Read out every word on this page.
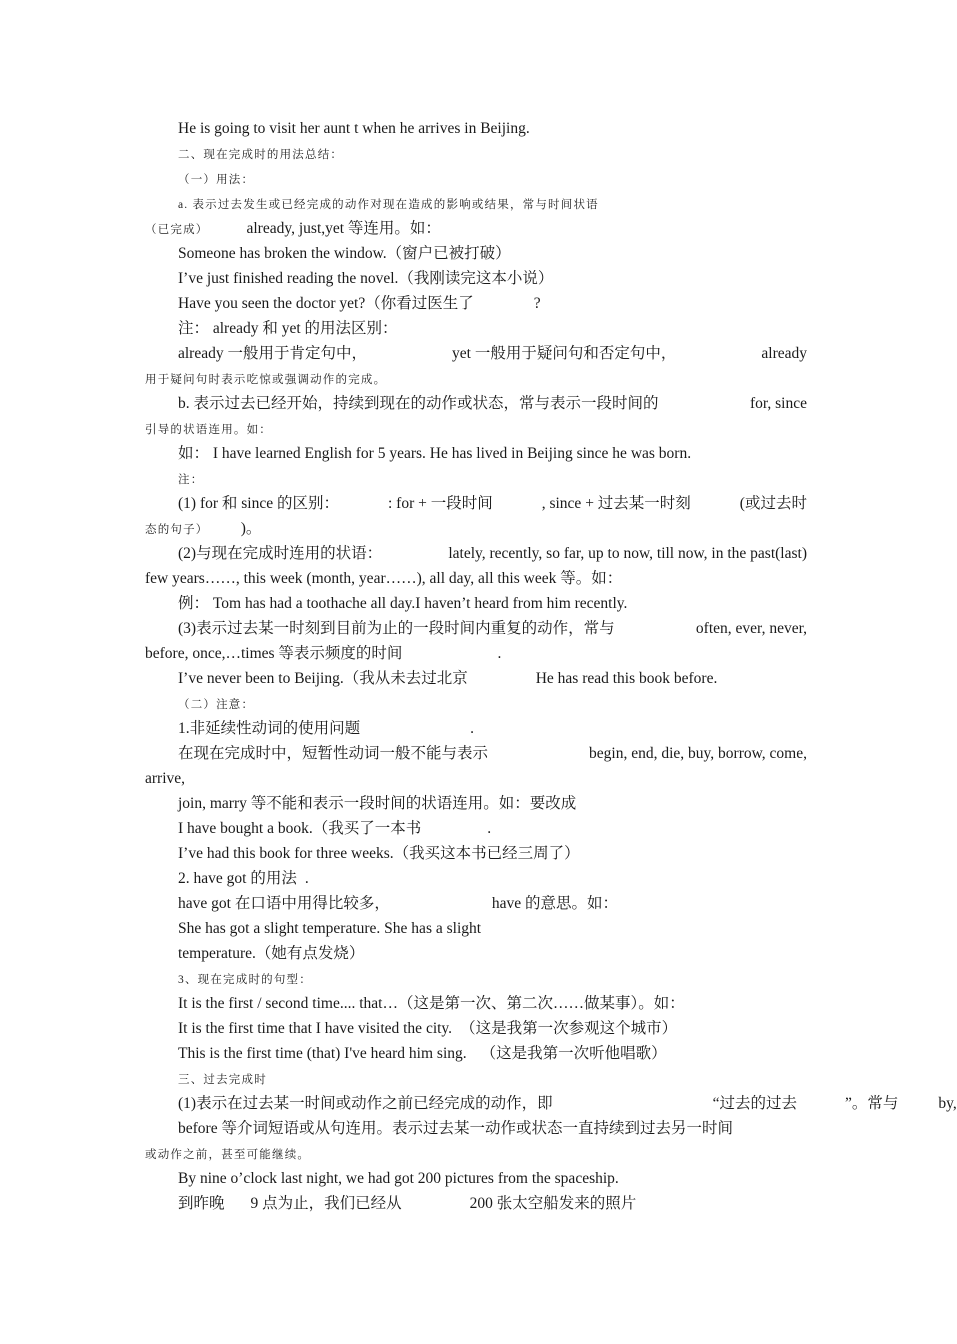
He is going to visit her aunt t when he arrives in Beijing.
二、现在完成时的用法总结：
（一）用法：
a. 表示过去发生或已经完成的动作对现在造成的影响或结果，常与时间状语
（已完成） already, just,yet 等连用。如：
Someone has broken the window.（窗户已被打破）
I’ve just finished reading the novel.（我刚读完这本小说）
Have you seen the doctor yet?（你看过医生了	?
注： already 和 yet 的用法区别：
already 一般用于肯定句中，	yet 一般用于疑问句和否定句中，	already
用于疑问句时表示吃惊或强调动作的完成。
b. 表示过去已经开始，持续到现在的动作或状态，常与表示一段时间的	for, since
引导的状语连用。如：
如： I have learned English for 5 years. He has lived in Beijing since he was born.
注：
(1) for 和 since 的区别：	: for + 一段时间	, since + 过去某一时刻	(或过去时
态的句子） )。
(2)与现在完成时连用的状语：	lately, recently, so far, up to now, till now, in the past(last)
few years……, this week (month, year……), all day, all this week 等。如：
例： Tom has had a toothache all day.I haven’t heard from him recently.
(3)表示过去某一时刻到目前为止的一段时间内重复的动作，常与	often, ever, never,
before, once,…times 等表示频度的时间	.
I’ve never been to Beijing.（我从未去过北京	He has read this book before.
（二）注意：
1.非延续性动词的使用问题	.
在现在完成时中，短暂性动词一般不能与表示	begin, end, die, buy, borrow, come,
arrive,
join, marry 等不能和表示一段时间的状语连用。如：要改成
I have bought a book.（我买了一本书	.
I’ve had this book for three weeks.（我买这本书已经三周了）
2. have got 的用法 .
have got 在口语中用得比较多，	have 的意思。如：
She has got a slight temperature. She has a slight
temperature.（她有点发烧）
3、现在完成时的句型：
It is the first / second time.... that…（这是第一次、第二次……做某事）。如：
It is the first time that I have visited the city. （这是我第一次参观这个城市）
This is the first time (that) I've heard him sing. （这是我第一次听他唱歌）
三、过去完成时
(1)表示在过去某一时间或动作之前已经完成的动作，即	“过去的过去	”。常与	by,
before 等介词短语或从句连用。表示过去某一动作或状态一直持续到过去另一时间
或动作之前，甚至可能继续。
By nine o’clock last night, we had got 200 pictures from the spaceship.
到昨晚 9 点为止，我们已经从	200 张太空船发来的照片
